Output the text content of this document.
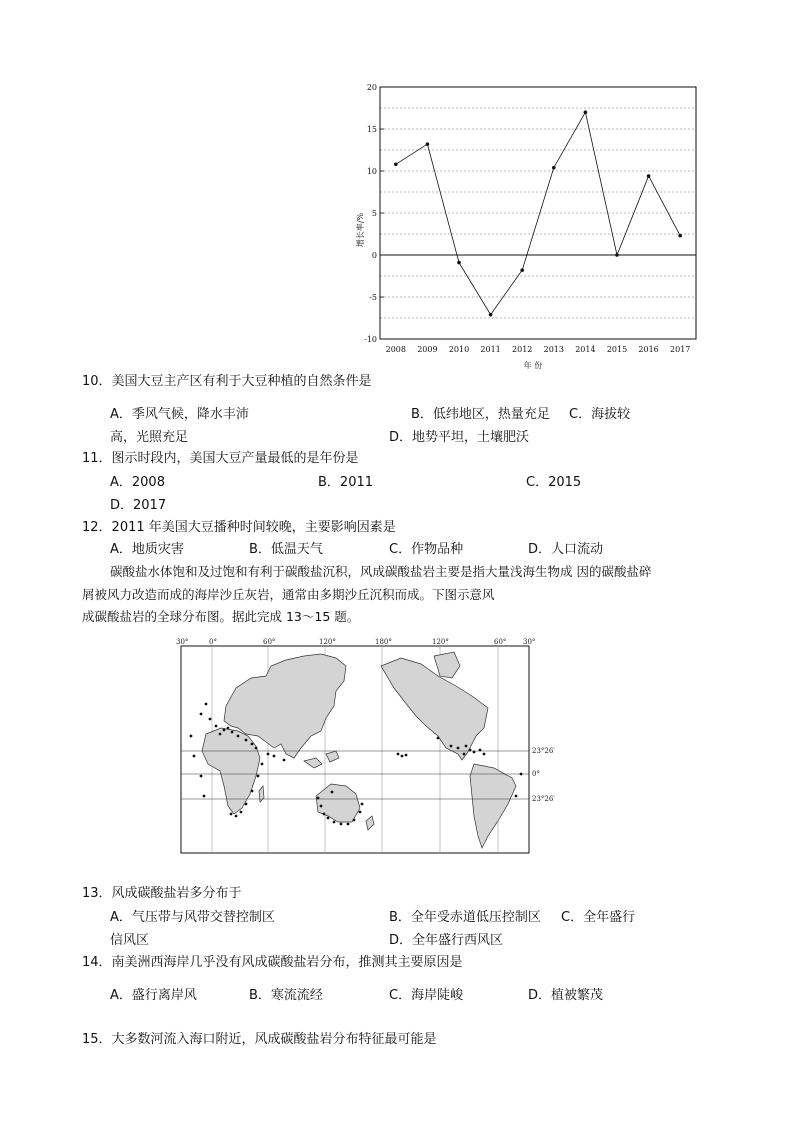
20
15
10
5
0
-5
-10
2008 2009 2010 2011 2012 2013 2014 2015 2016 2017
增长率/%
年 份
10．美国大豆主产区有利于大豆种植的自然条件是
A．季风气候，降水丰沛	B．低纬地区，热量充足 C．海拔较
高，光照充足	D．地势平坦，土壤肥沃
11．图示时段内，美国大豆产量最低的是年份是
A．2008	B．2011	C．2015
D．2017
12．2011 年美国大豆播种时间较晚，主要影响因素是
A．地质灾害	B．低温天气	C．作物品种	D．人口流动
碳酸盐水体饱和及过饱和有利于碳酸盐沉积，风成碳酸盐岩主要是指大量浅海生物成 因的碳酸盐碎
屑被风力改造而成的海岸沙丘灰岩，通常由多期沙丘沉积而成。下图示意风
成碳酸盐岩的全球分布图。据此完成 13～15 题。
30°	0°	60°	120°	180°	120°	60° 30°
23°26′
0°
23°26′
13．风成碳酸盐岩多分布于
A．气压带与风带交替控制区	B．全年受赤道低压控制区 C．全年盛行
信风区	D．全年盛行西风区
14．南美洲西海岸几乎没有风成碳酸盐岩分布，推测其主要原因是
A．盛行离岸风	B．寒流流经	C．海岸陡峻	D．植被繁茂
15．大多数河流入海口附近，风成碳酸盐岩分布特征最可能是
